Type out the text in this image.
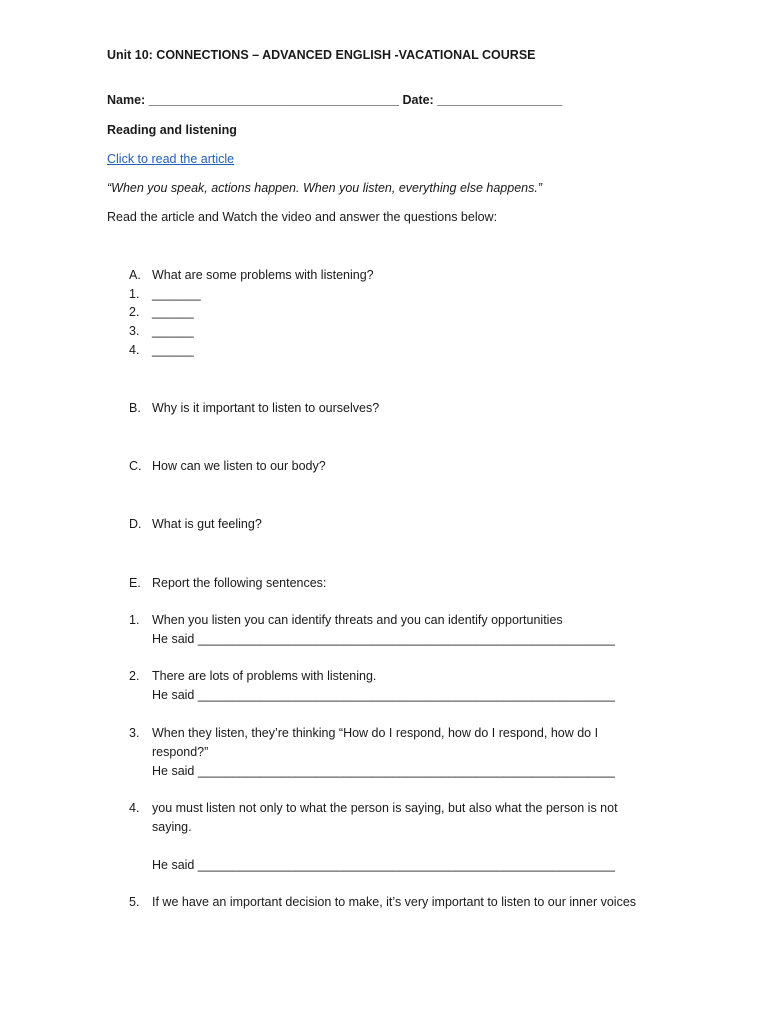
Unit 10: CONNECTIONS – ADVANCED ENGLISH -VACATIONAL COURSE
Name: ____________________________________ Date: __________________
Reading and listening
Click to read the article
“When you speak, actions happen. When you listen, everything else happens.”
Read the article and Watch the video and answer the questions below:
A. What are some problems with listening?
1. _______
2. ______
3. ______
4. ______
B. Why is it important to listen to ourselves?
C. How can we listen to our body?
D. What is gut feeling?
E. Report the following sentences:
1. When you listen you can identify threats and you can identify opportunities
He said ____________________________________________________________
2. There are lots of problems with listening.
He said ____________________________________________________________
3. When they listen, they’re thinking “How do I respond, how do I respond, how do I
respond?”
He said ____________________________________________________________
4. you must listen not only to what the person is saying, but also what the person is not
saying.
He said ____________________________________________________________
5. If we have an important decision to make, it’s very important to listen to our inner voices
